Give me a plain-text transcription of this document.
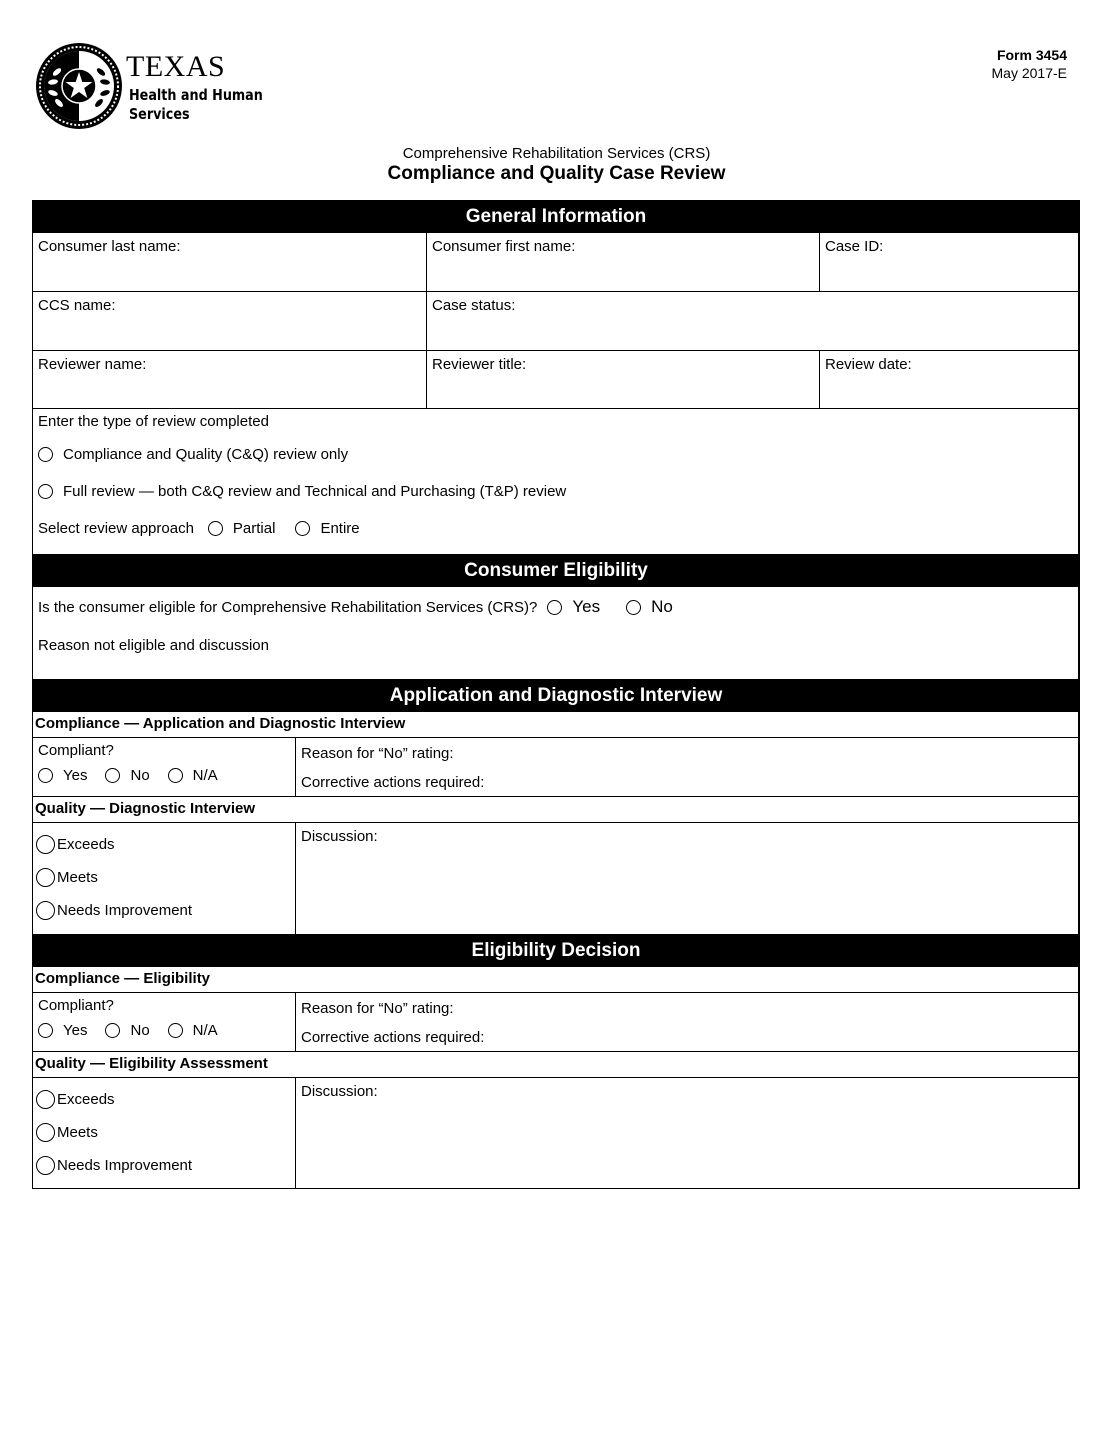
TEXAS
Health and Human
Services
Form 3454
May 2017-E
Comprehensive Rehabilitation Services (CRS)
Compliance and Quality Case Review
General Information
Consumer last name:	Consumer first name:	Case ID:
CCS name:	Case status:
Reviewer name:	Reviewer title:	Review date:
Enter the type of review completed
Compliance and Quality (C&Q) review only
Full review — both C&Q review and Technical and Purchasing (T&P) review
Select review approach	Partial	Entire
Consumer Eligibility
Is the consumer eligible for Comprehensive Rehabilitation Services (CRS)? Yes	No
Reason not eligible and discussion
Application and Diagnostic Interview
Compliance — Application and Diagnostic Interview
Compliant?
Yes	No	N/A
Reason for “No” rating:
Corrective actions required:
Quality — Diagnostic Interview
Exceeds
Meets
Needs Improvement
Discussion:
Eligibility Decision
Compliance — Eligibility
Compliant?
Yes	No	N/A
Reason for “No” rating:
Corrective actions required:
Quality — Eligibility Assessment
Exceeds
Meets
Needs Improvement
Discussion:
